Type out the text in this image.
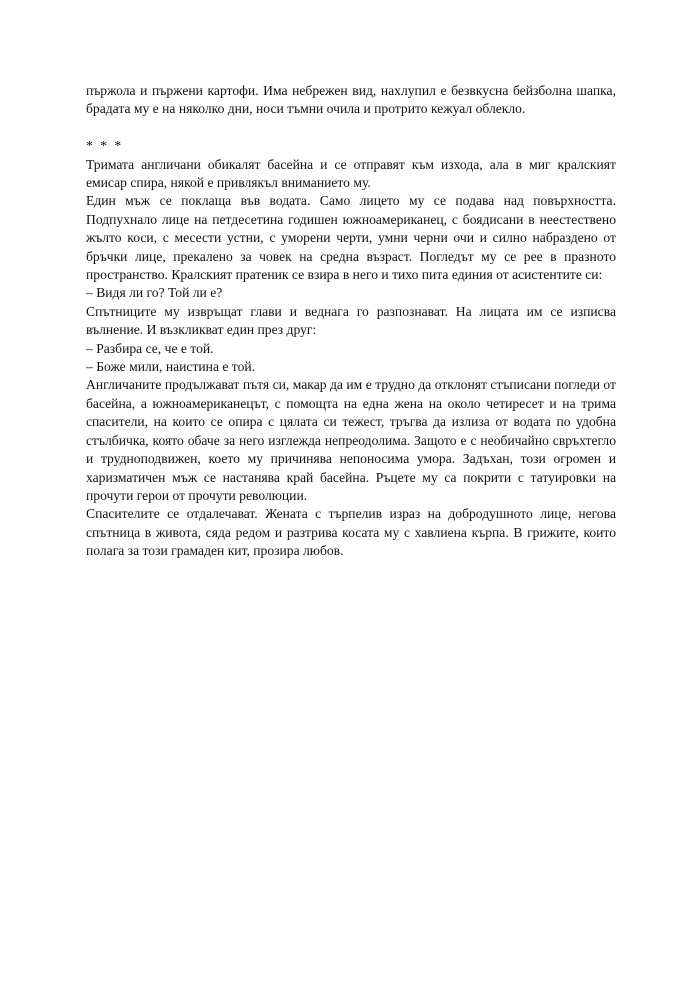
пържола и пържени картофи. Има небрежен вид, нахлупил е безвкусна бейзболна шапка, брадата му е на няколко дни, носи тъмни очила и протрито кежуал облекло.

* * *

Тримата англичани обикалят басейна и се отправят към изхода, ала в миг кралският емисар спира, някой е привлякъл вниманието му.

Един мъж се поклаща във водата. Само лицето му се подава над повърхността. Подпухнало лице на петдесетина годишен южноамериканец, с боядисани в неестествено жълто коси, с месести устни, с уморени черти, умни черни очи и силно набраздено от бръчки лице, прекалено за човек на средна възраст. Погледът му се рее в празното пространство. Кралският пратеник се взира в него и тихо пита единия от асистентите си:

– Видя ли го? Той ли е?

Спътниците му извръщат глави и веднага го разпознават. На лицата им се изписва вълнение. И възкликват един през друг:

– Разбира се, че е той.

– Боже мили, наистина е той.

Англичаните продължават пътя си, макар да им е трудно да отклонят стъписани погледи от басейна, а южноамериканецът, с помощта на една жена на около четиресет и на трима спасители, на които се опира с цялата си тежест, тръгва да излиза от водата по удобна стълбичка, която обаче за него изглежда непреодолима. Защото е с необичайно свръхтегло и трудноподвижен, което му причинява непоносима умора. Задъхан, този огромен и харизматичен мъж се настанява край басейна. Ръцете му са покрити с татуировки на прочути герои от прочути революции.

Спасителите се отдалечават. Жената с търпелив израз на добродушното лице, негова спътница в живота, сяда редом и разтрива косата му с хавлиена кърпа. В грижите, които полага за този грамаден кит, прозира любов.
